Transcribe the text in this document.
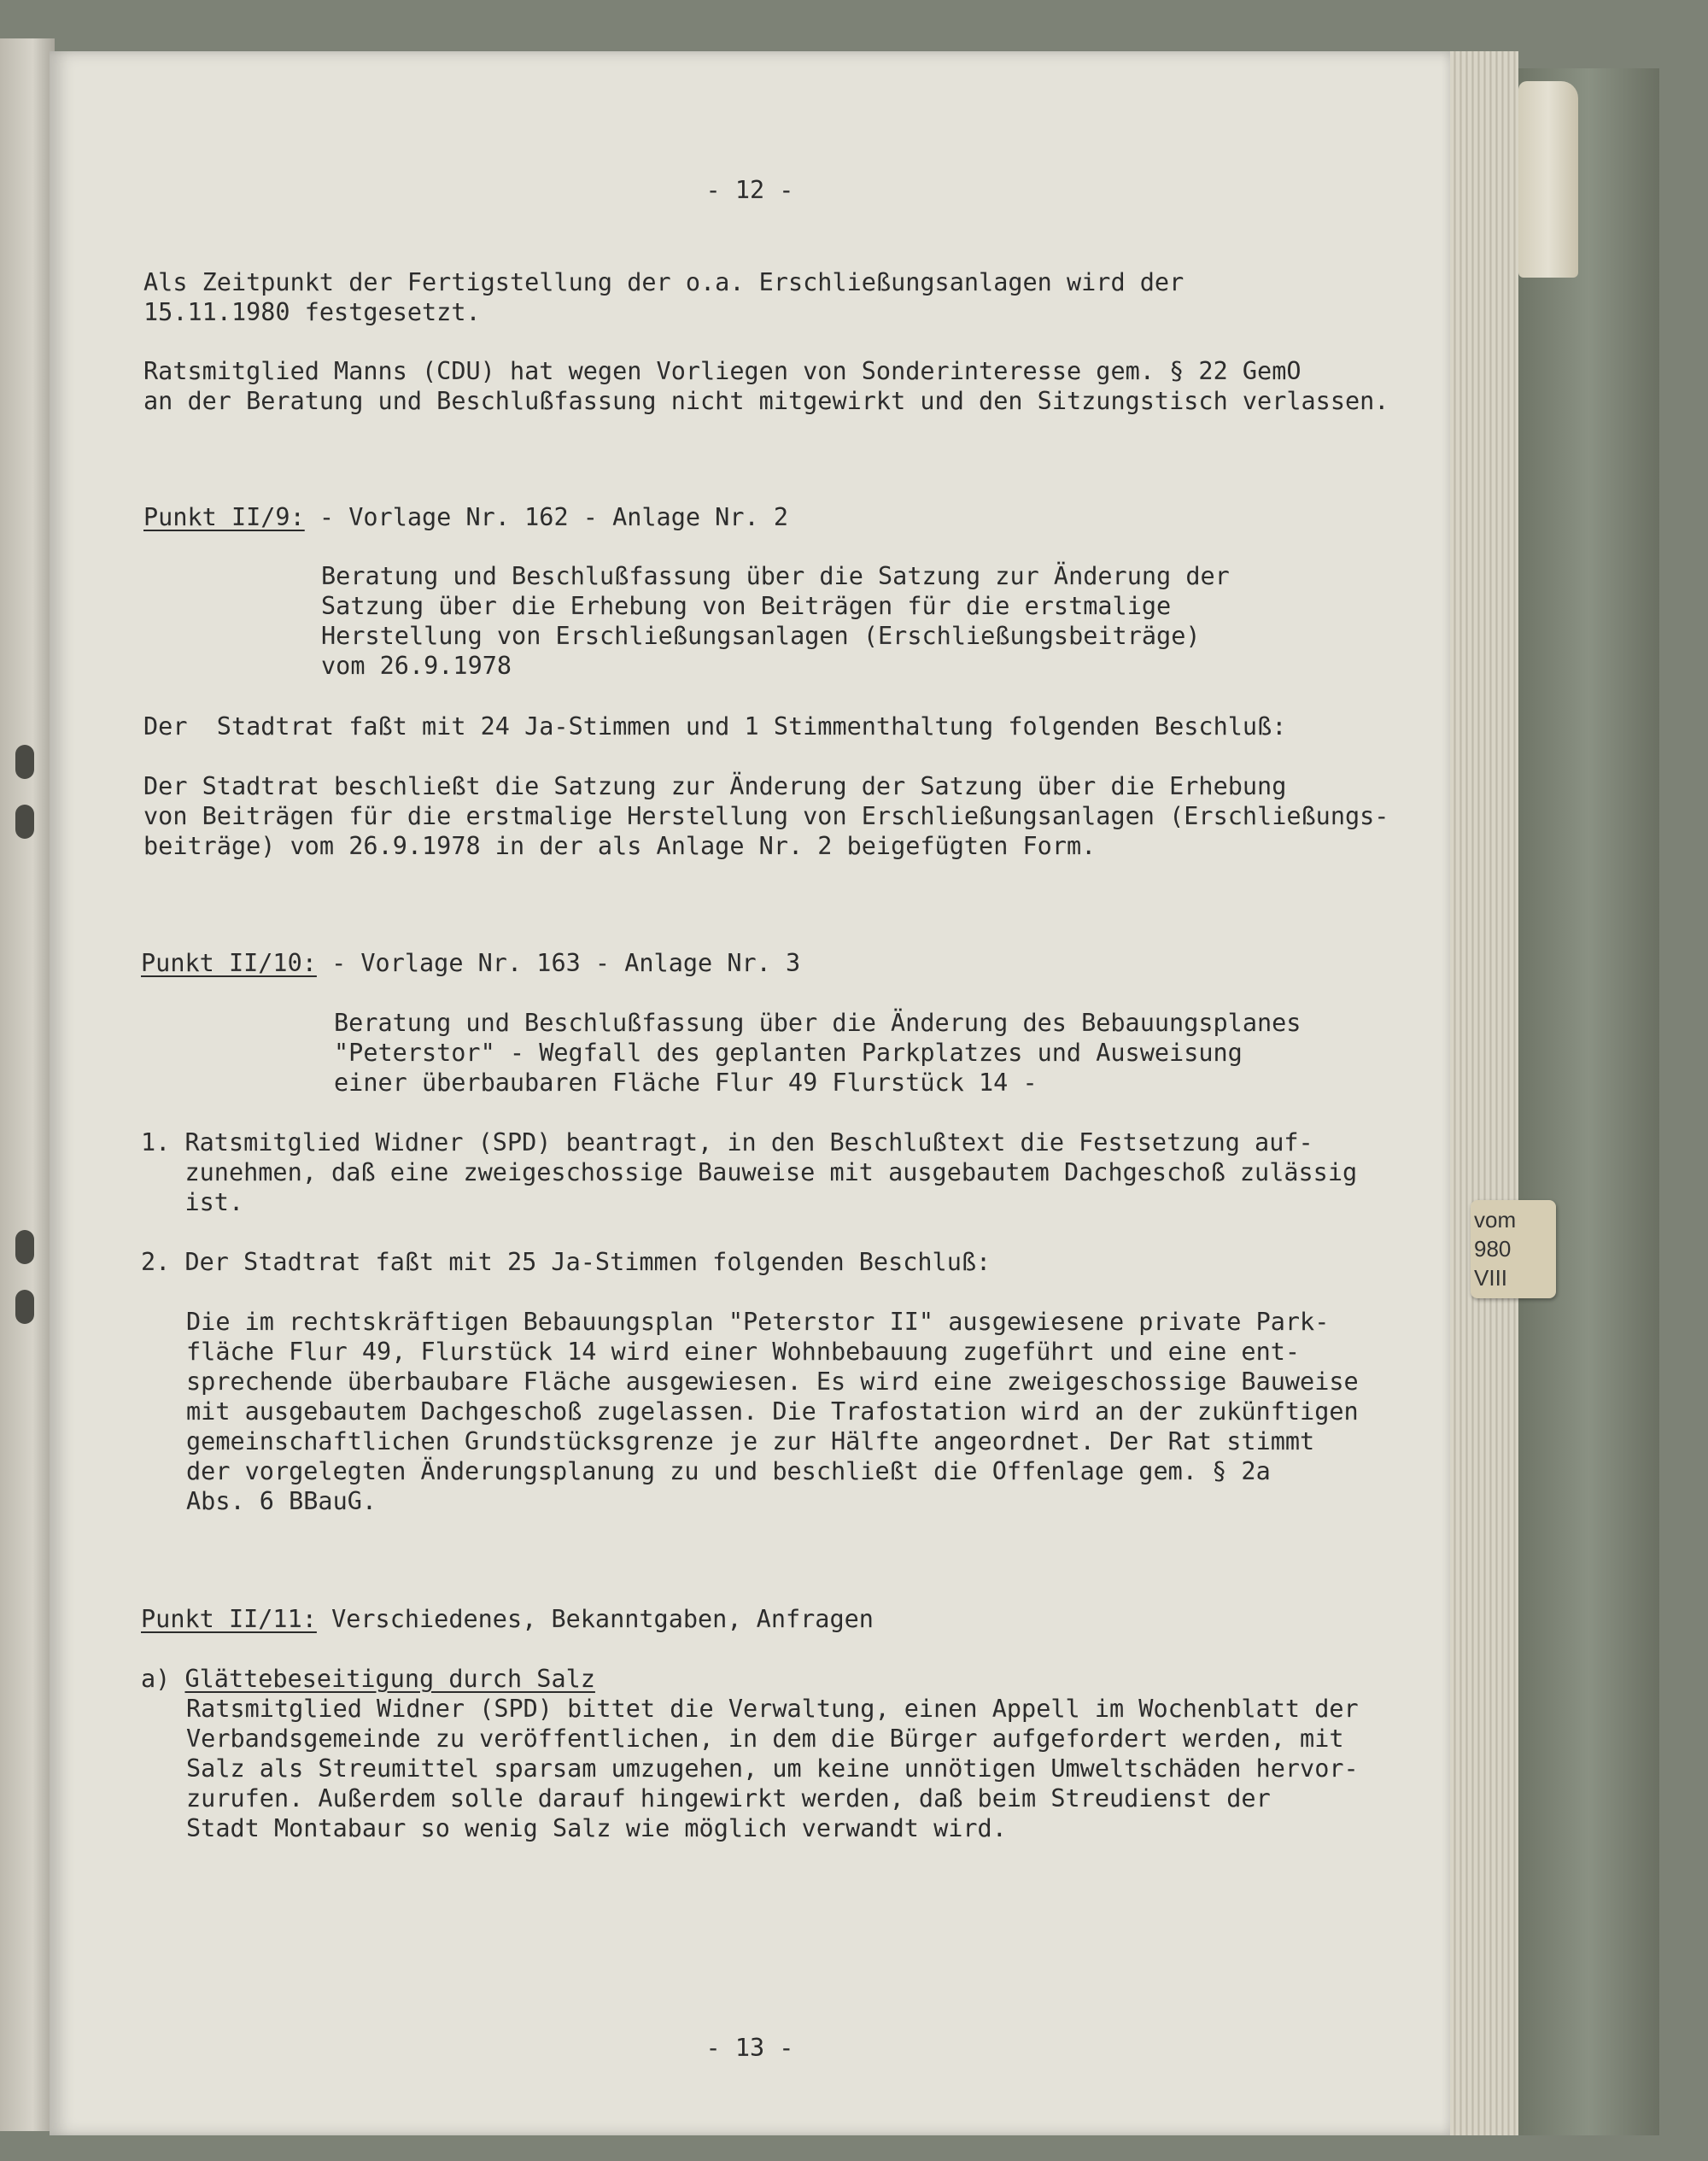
- 12 -
Als Zeitpunkt der Fertigstellung der o.a. Erschließungsanlagen wird der
15.11.1980 festgesetzt.
Ratsmitglied Manns (CDU) hat wegen Vorliegen von Sonderinteresse gem. § 22 GemO
an der Beratung und Beschlußfassung nicht mitgewirkt und den Sitzungstisch verlassen.
Punkt II/9: - Vorlage Nr. 162 - Anlage Nr. 2
Beratung und Beschlußfassung über die Satzung zur Änderung der
Satzung über die Erhebung von Beiträgen für die erstmalige
Herstellung von Erschließungsanlagen (Erschließungsbeiträge)
vom 26.9.1978
Der  Stadtrat faßt mit 24 Ja-Stimmen und 1 Stimmenthaltung folgenden Beschluß:
Der Stadtrat beschließt die Satzung zur Änderung der Satzung über die Erhebung
von Beiträgen für die erstmalige Herstellung von Erschließungsanlagen (Erschließungs-
beiträge) vom 26.9.1978 in der als Anlage Nr. 2 beigefügten Form.
Punkt II/10: - Vorlage Nr. 163 - Anlage Nr. 3
Beratung und Beschlußfassung über die Änderung des Bebauungsplanes
"Peterstor" - Wegfall des geplanten Parkplatzes und Ausweisung
einer überbaubaren Fläche Flur 49 Flurstück 14 -
1. Ratsmitglied Widner (SPD) beantragt, in den Beschlußtext die Festsetzung auf-
zunehmen, daß eine zweigeschossige Bauweise mit ausgebautem Dachgeschoß zulässig
ist.
2. Der Stadtrat faßt mit 25 Ja-Stimmen folgenden Beschluß:
Die im rechtskräftigen Bebauungsplan "Peterstor II" ausgewiesene private Park-
fläche Flur 49, Flurstück 14 wird einer Wohnbebauung zugeführt und eine ent-
sprechende überbaubare Fläche ausgewiesen. Es wird eine zweigeschossige Bauweise
mit ausgebautem Dachgeschoß zugelassen. Die Trafostation wird an der zukünftigen
gemeinschaftlichen Grundstücksgrenze je zur Hälfte angeordnet. Der Rat stimmt
der vorgelegten Änderungsplanung zu und beschließt die Offenlage gem. § 2a
Abs. 6 BBauG.
Punkt II/11: Verschiedenes, Bekanntgaben, Anfragen
a) Glättebeseitigung durch Salz
Ratsmitglied Widner (SPD) bittet die Verwaltung, einen Appell im Wochenblatt der
Verbandsgemeinde zu veröffentlichen, in dem die Bürger aufgefordert werden, mit
Salz als Streumittel sparsam umzugehen, um keine unnötigen Umweltschäden hervor-
zurufen. Außerdem solle darauf hingewirkt werden, daß beim Streudienst der
Stadt Montabaur so wenig Salz wie möglich verwandt wird.
- 13 -
vom
980
VIII
